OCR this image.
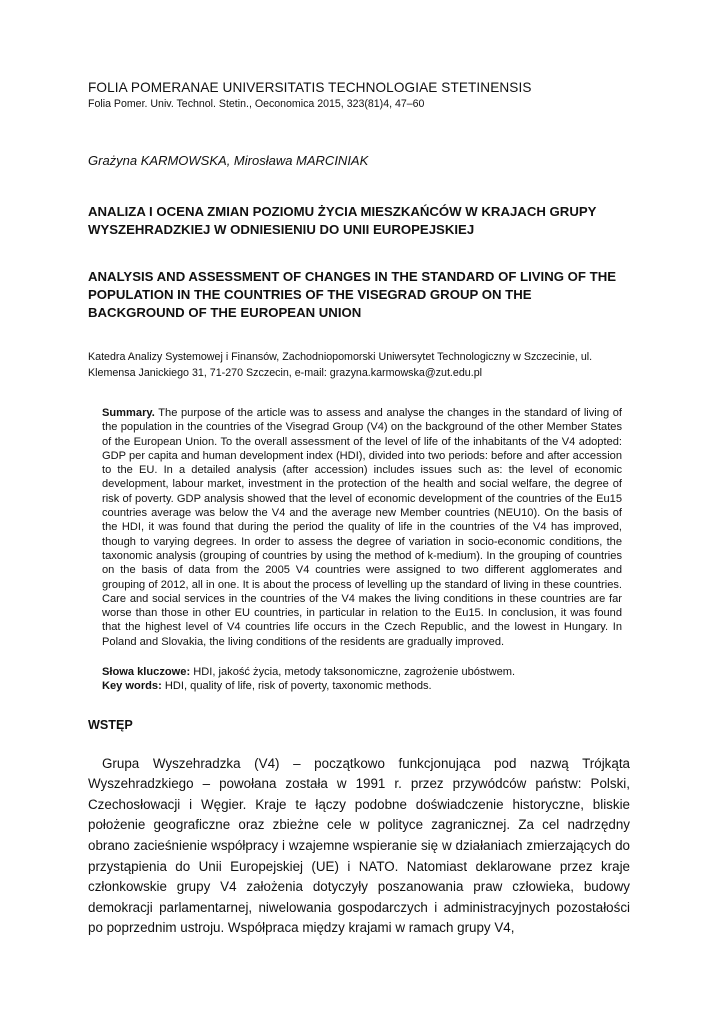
FOLIA POMERANAE UNIVERSITATIS TECHNOLOGIAE STETINENSIS

Folia Pomer. Univ. Technol. Stetin., Oeconomica 2015, 323(81)4, 47–60

Grażyna KARMOWSKA, Mirosława MARCINIAK

ANALIZA I OCENA ZMIAN POZIOMU ŻYCIA MIESZKAŃCÓW W KRAJACH GRUPY WYSZEHRADZKIEJ W ODNIESIENIU DO UNII EUROPEJSKIEJ

ANALYSIS AND ASSESSMENT OF CHANGES IN THE STANDARD OF LIVING OF THE POPULATION IN THE COUNTRIES OF THE VISEGRAD GROUP ON THE BACKGROUND OF THE EUROPEAN UNION

Katedra Analizy Systemowej i Finansów, Zachodniopomorski Uniwersytet Technologiczny w Szczecinie, ul. Klemensa Janickiego 31, 71-270 Szczecin, e-mail: grazyna.karmowska@zut.edu.pl

Summary. The purpose of the article was to assess and analyse the changes in the standard of living of the population in the countries of the Visegrad Group (V4) on the background of the other Member States of the European Union. To the overall assessment of the level of life of the inhabitants of the V4 adopted: GDP per capita and human development index (HDI), divided into two periods: before and after accession to the EU. In a detailed analysis (after accession) includes issues such as: the level of economic development, labour market, investment in the protection of the health and social welfare, the degree of risk of poverty. GDP analysis showed that the level of economic development of the countries of the Eu15 countries average was below the V4 and the average new Member countries (NEU10). On the basis of the HDI, it was found that during the period the quality of life in the countries of the V4 has improved, though to varying degrees. In order to assess the degree of variation in socio-economic conditions, the taxonomic analysis (grouping of countries by using the method of k-medium). In the grouping of countries on the basis of data from the 2005 V4 countries were assigned to two different agglomerates and grouping of 2012, all in one. It is about the process of levelling up the standard of living in these countries. Care and social services in the countries of the V4 makes the living conditions in these countries are far worse than those in other EU countries, in particular in relation to the Eu15. In conclusion, it was found that the highest level of V4 countries life occurs in the Czech Republic, and the lowest in Hungary. In Poland and Slovakia, the living conditions of the residents are gradually improved.

Słowa kluczowe: HDI, jakość życia, metody taksonomiczne, zagrożenie ubóstwem.

Key words: HDI, quality of life, risk of poverty, taxonomic methods.

WSTĘP

Grupa Wyszehradzka (V4) – początkowo funkcjonująca pod nazwą Trójkąta Wyszehradzkiego – powołana została w 1991 r. przez przywódców państw: Polski, Czechosłowacji i Węgier. Kraje te łączy podobne doświadczenie historyczne, bliskie położenie geograficzne oraz zbieżne cele w polityce zagranicznej. Za cel nadrzędny obrano zacieśnienie współpracy i wzajemne wspieranie się w działaniach zmierzających do przystąpienia do Unii Europejskiej (UE) i NATO. Natomiast deklarowane przez kraje członkowskie grupy V4 założenia dotyczyły poszanowania praw człowieka, budowy demokracji parlamentarnej, niwelowania gospodarczych i administracyjnych pozostałości po poprzednim ustroju. Współpraca między krajami w ramach grupy V4,
